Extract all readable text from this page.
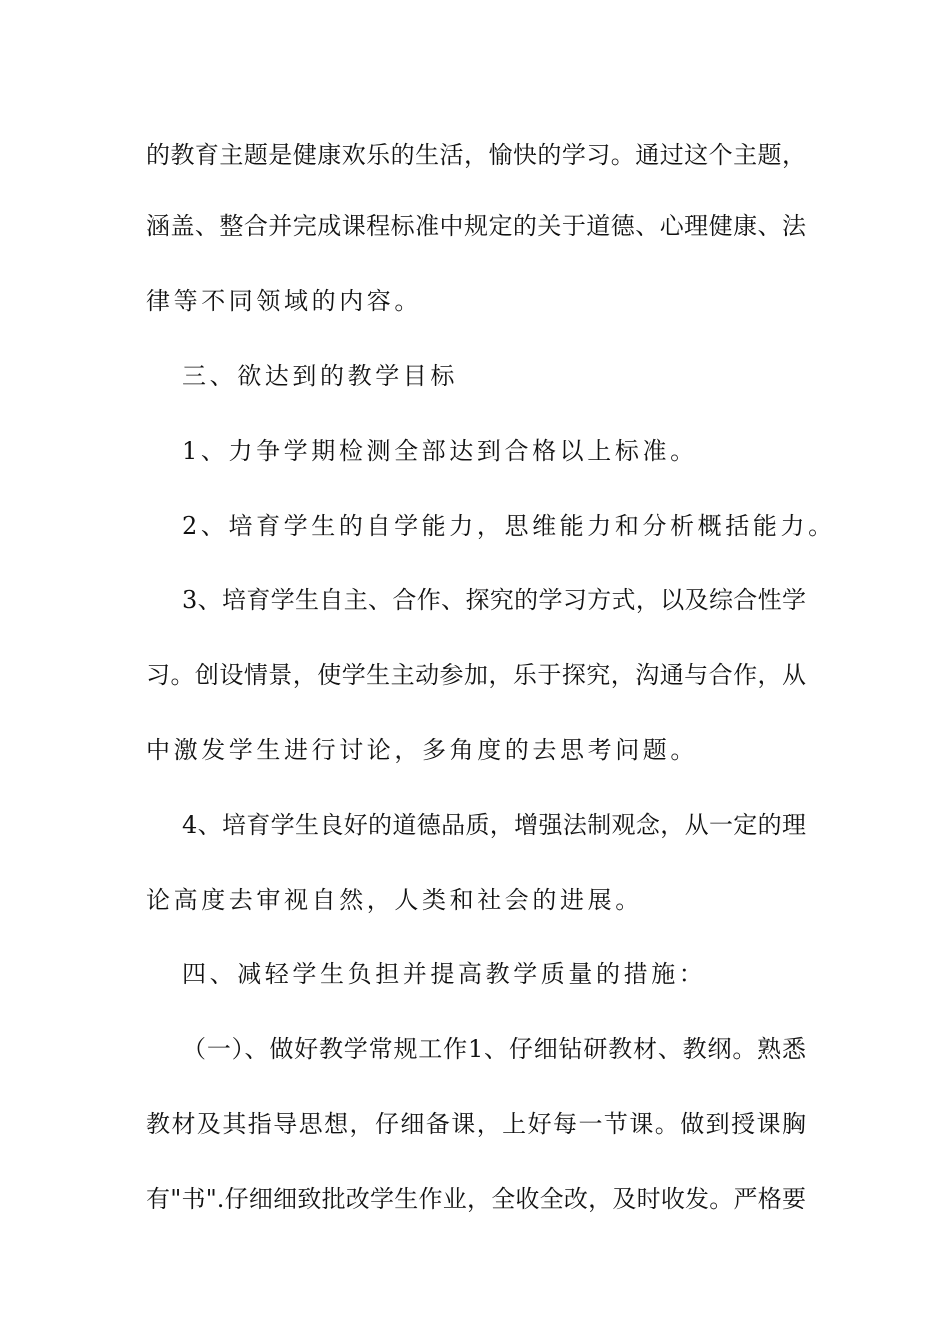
的教育主题是健康欢乐的生活，愉快的学习。通过这个主题，
涵盖、整合并完成课程标准中规定的关于道德、心理健康、法
律等不同领域的内容。
三、欲达到的教学目标
1、力争学期检测全部达到合格以上标准。
2、培育学生的自学能力，思维能力和分析概括能力。
3、培育学生自主、合作、探究的学习方式，以及综合性学
习。创设情景，使学生主动参加，乐于探究，沟通与合作，从
中激发学生进行讨论，多角度的去思考问题。
4、培育学生良好的道德品质，增强法制观念，从一定的理
论高度去审视自然，人类和社会的进展。
四、减轻学生负担并提高教学质量的措施：
（一）、做好教学常规工作1、仔细钻研教材、教纲。熟悉
教材及其指导思想，仔细备课，上好每一节课。做到授课胸
有"书".仔细细致批改学生作业，全收全改，及时收发。严格要
